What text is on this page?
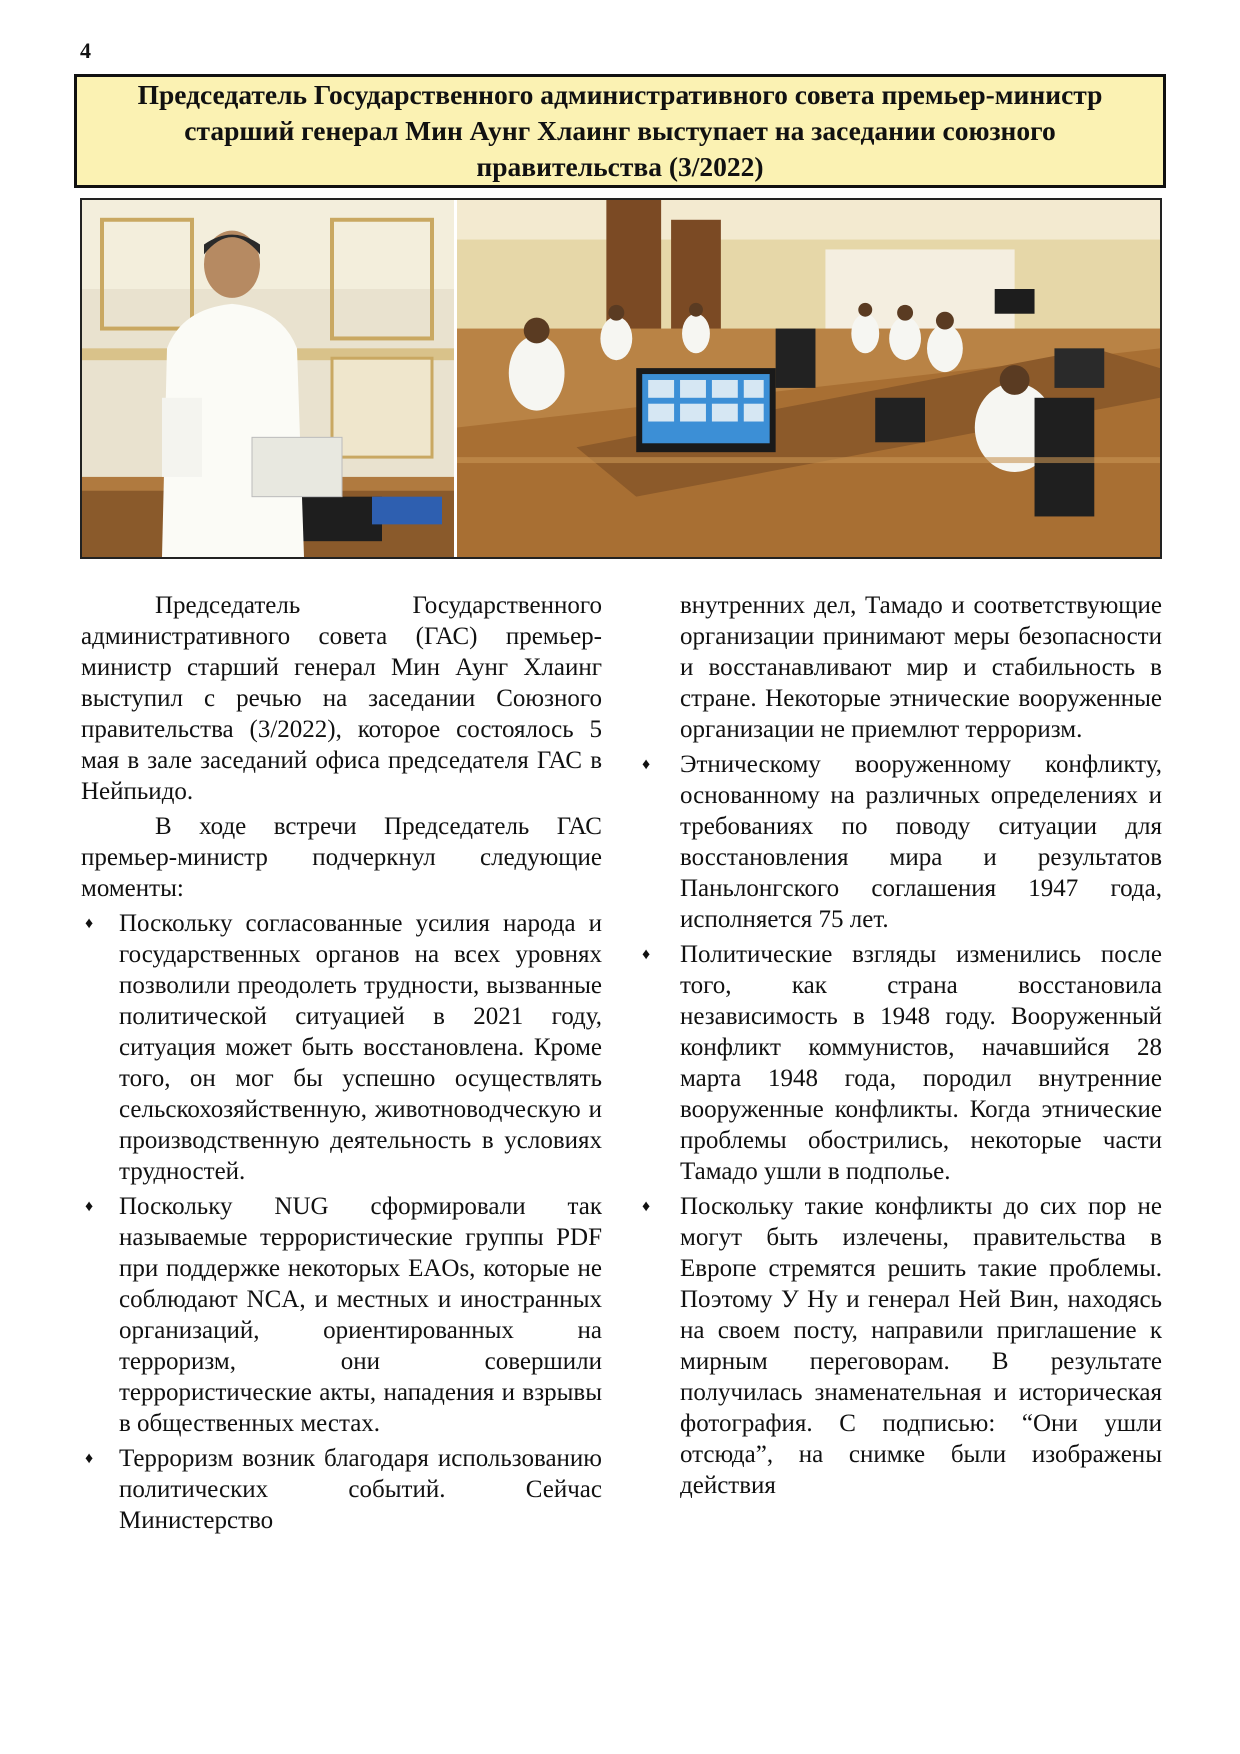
4
Председатель Государственного административного совета премьер-министр старший генерал Мин Аунг Хлаинг выступает на заседании союзного правительства (3/2022)

Председатель Государственного административного совета (ГАС) премьер-министр старший генерал Мин Аунг Хлаинг выступил с речью на заседании Союзного правительства (3/2022), которое состоялось 5 мая в зале заседаний офиса председателя ГАС в Нейпьидо.

В ходе встречи Председатель ГАС премьер-министр подчеркнул следующие моменты:

♦ Поскольку согласованные усилия народа и государственных органов на всех уровнях позволили преодолеть трудности, вызванные политической ситуацией в 2021 году, ситуация может быть восстановлена. Кроме того, он мог бы успешно осуществлять сельскохозяйственную, животноводческую и производственную деятельность в условиях трудностей.
♦ Поскольку NUG сформировали так называемые террористические группы PDF при поддержке некоторых EAOs, которые не соблюдают NCA, и местных и иностранных организаций, ориентированных на терроризм, они совершили террористические акты, нападения и взрывы в общественных местах.
♦ Терроризм возник благодаря использованию политических событий. Сейчас Министерство

внутренних дел, Тамадо и соответствующие организации принимают меры безопасности и восстанавливают мир и стабильность в стране. Некоторые этнические вооруженные организации не приемлют терроризм.

♦ Этническому вооруженному конфликту, основанному на различных определениях и требованиях по поводу ситуации для восстановления мира и результатов Паньлонгского соглашения 1947 года, исполняется 75 лет.
♦ Политические взгляды изменились после того, как страна восстановила независимость в 1948 году. Вооруженный конфликт коммунистов, начавшийся 28 марта 1948 года, породил внутренние вооруженные конфликты. Когда этнические проблемы обострились, некоторые части Тамадо ушли в подполье.
♦ Поскольку такие конфликты до сих пор не могут быть излечены, правительства в Европе стремятся решить такие проблемы. Поэтому У Ну и генерал Ней Вин, находясь на своем посту, направили приглашение к мирным переговорам. В результате получилась знаменательная и историческая фотография. С подписью: “Они ушли отсюда”, на снимке были изображены действия
